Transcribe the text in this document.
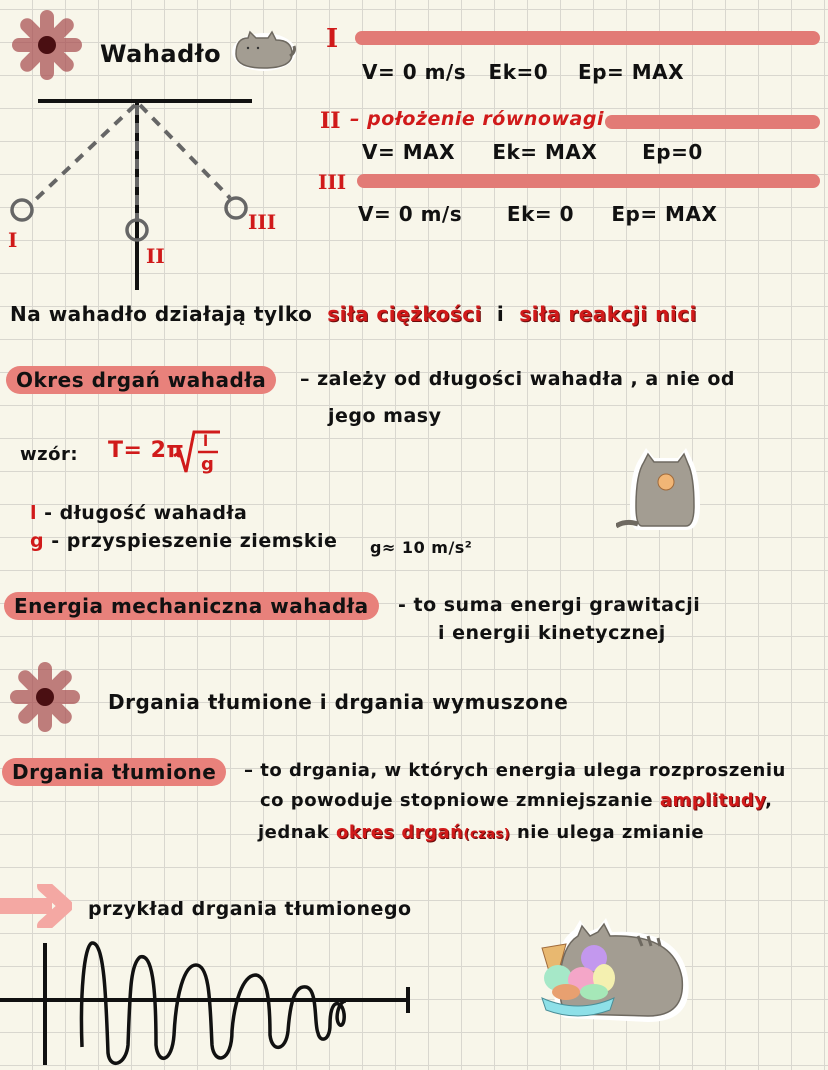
Wahadło
I
II
III
I
V= 0 m/s Ek=0 Ep= MAX
II – położenie równowagi
V= MAX Ek= MAX Ep=0
III
V= 0 m/s Ek= 0 Ep= MAX
Na wahadło działają tylko siła ciężkości i siła reakcji nici
Okres drgań wahadła	– zależy od długości wahadła , a nie od
jego masy
wzór: T= 2π l
g
l - długość wahadła
g - przyspieszenie ziemskie g≈ 10 m/s²
Energia mechaniczna wahadła	- to suma energi grawitacji
i energii kinetycznej
Drgania tłumione i drgania wymuszone
Drgania tłumione	– to drgania, w których energia ulega rozproszeniu
co powoduje stopniowe zmniejszanie amplitudy,
jednak okres drgań(czas) nie ulega zmianie
przykład drgania tłumionego
